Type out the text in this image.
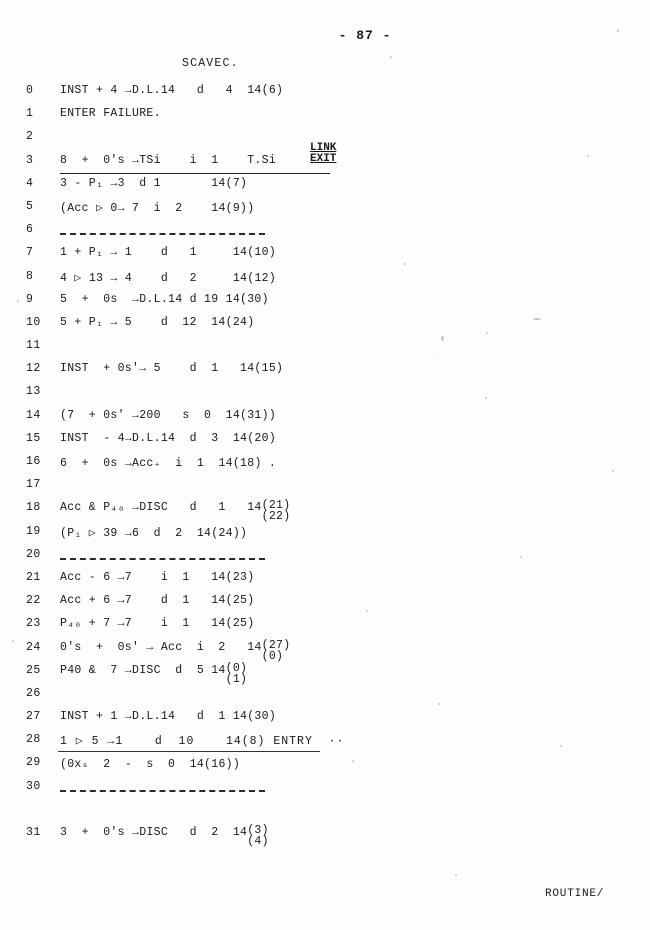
- 87 -
SCAVEC.
0	INST + 4 →D.L.14   d   4  14(6)
1	ENTER FAILURE.
2
3	8  +  0's →TSi    i  1    T.Si
LINK
EXIT
4	3 - P₁ →3  d 1       14(7)
5	(Acc ▷ 0→ 7  i  2    14(9))
6
7	1 + P₁ → 1    d   1     14(10)
8	4 ▷ 13 → 4    d   2     14(12)
9	5  +  0s  →D.L.14 d 19 14(30)
10	5 + P₁ → 5    d  12  14(24)
11
12	INST  + 0s'→ 5    d  1   14(15)
13
14	(7  + 0s' →200   s  0  14(31))
15	INST  - 4→D.L.14  d  3  14(20)
16	6  +  0s →Acc₊  i  1  14(18) .
17
18	Acc & P₄₀ →DISC   d   1   14 (21)
(22)
19	(P₁ ▷ 39 →6  d  2  14(24))
20
21	Acc - 6 →7    i  1   14(23)
22	Acc + 6 →7    d  1   14(25)
23	P₄₀ + 7 →7    i  1   14(25)
24	0's  +  0s' → Acc  i  2   14 (27)
(0)
25	P40 &  7 →DISC  d  5 14 (0)
(1)
26
27	INST + 1 →D.L.14   d  1 14(30)
28	1 ▷ 5 →1    d  10    14(8) ENTRY  ··
29	(0xₛ  2  -  s  0  14(16))
30
31	3  +  0's →DISC   d  2  14 (3)
(4)
ROUTINE/
